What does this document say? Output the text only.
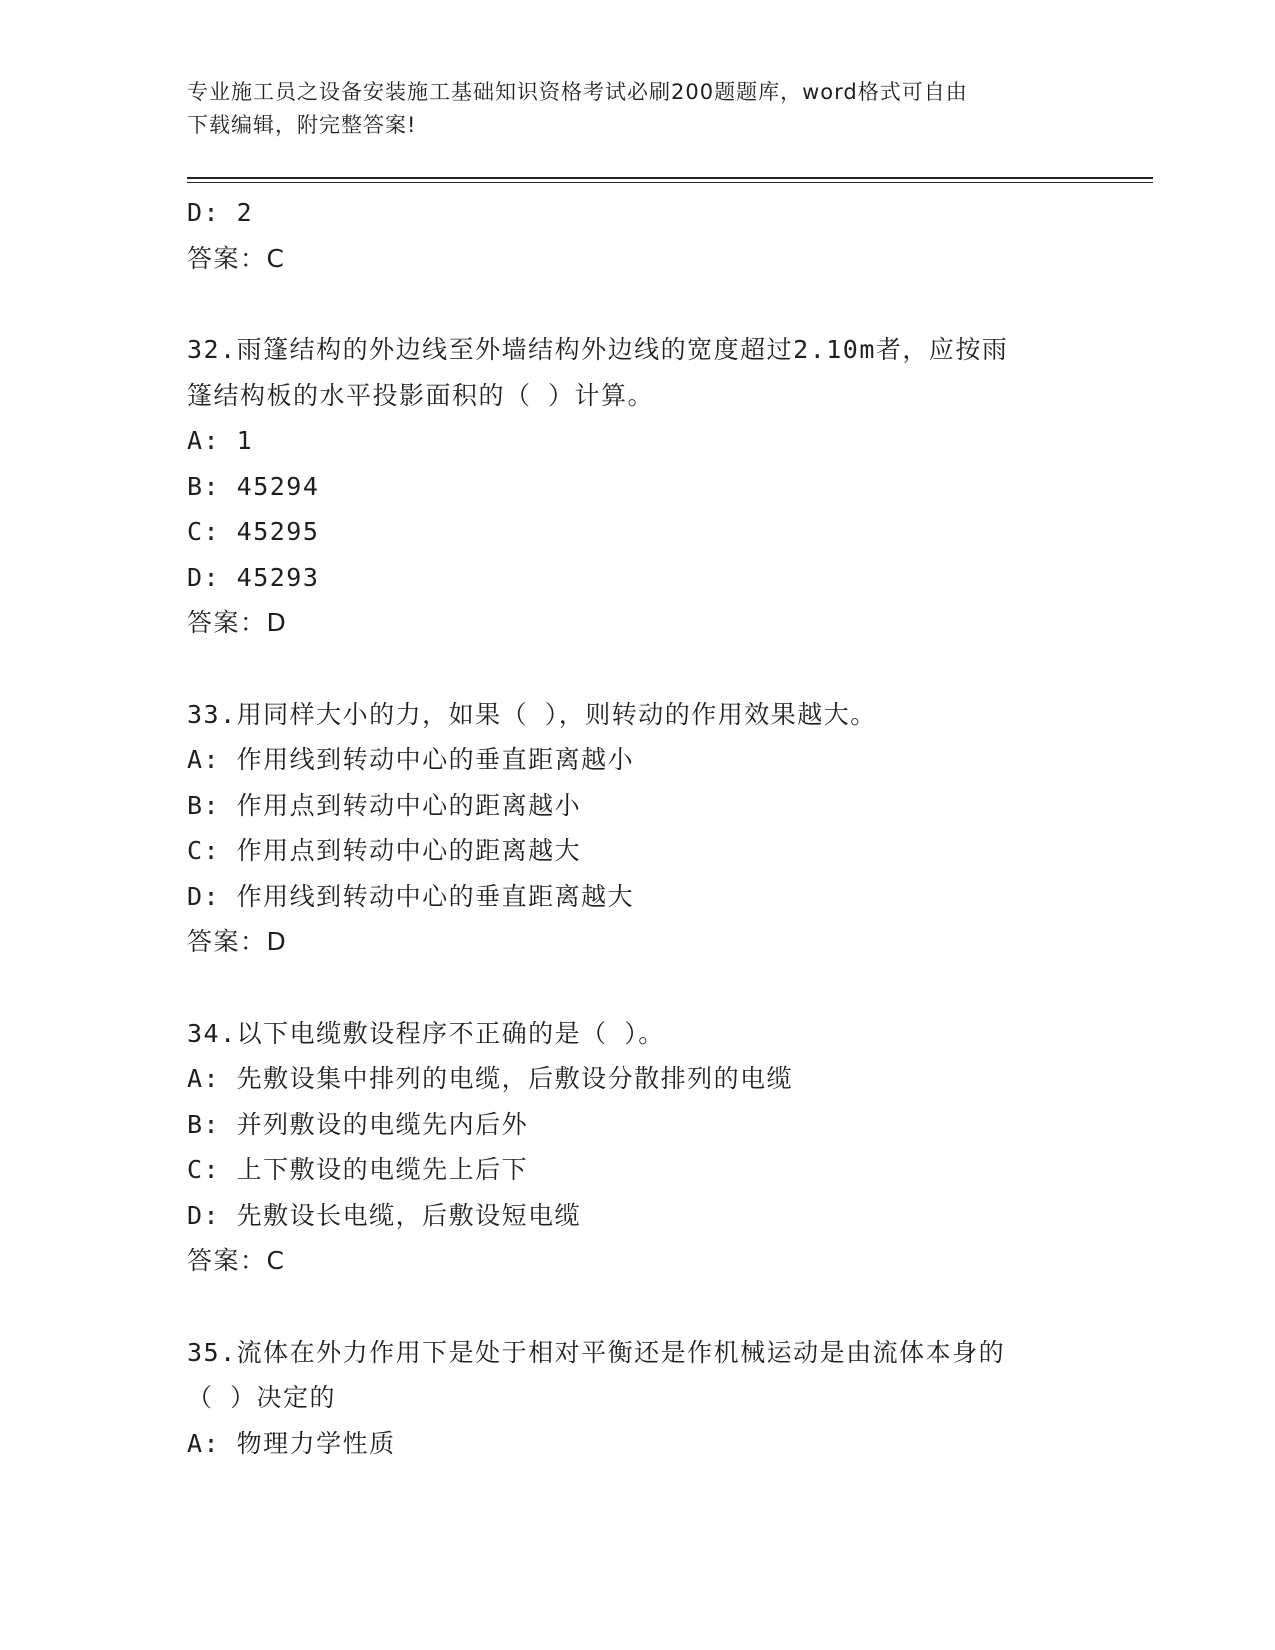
专业施工员之设备安装施工基础知识资格考试必刷200题题库，word格式可自由
下载编辑，附完整答案!
D: 2
答案：C
32.雨篷结构的外边线至外墙结构外边线的宽度超过2.10m者，应按雨
篷结构板的水平投影面积的（ ）计算。
A: 1
B: 45294
C: 45295
D: 45293
答案：D
33.用同样大小的力，如果（ ），则转动的作用效果越大。
A: 作用线到转动中心的垂直距离越小
B: 作用点到转动中心的距离越小
C: 作用点到转动中心的距离越大
D: 作用线到转动中心的垂直距离越大
答案：D
34.以下电缆敷设程序不正确的是（ ）。
A: 先敷设集中排列的电缆，后敷设分散排列的电缆
B: 并列敷设的电缆先内后外
C: 上下敷设的电缆先上后下
D: 先敷设长电缆，后敷设短电缆
答案：C
35.流体在外力作用下是处于相对平衡还是作机械运动是由流体本身的
（ ）决定的
A: 物理力学性质
